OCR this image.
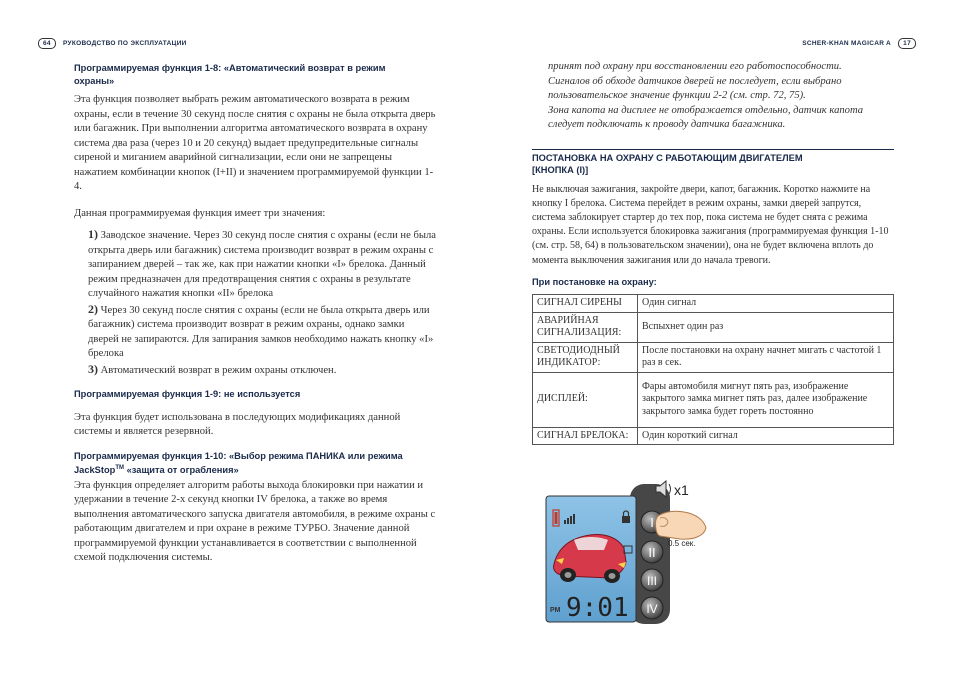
64 РУКОВОДСТВО ПО ЭКСПЛУАТАЦИИ	SCHER-KHAN MAGICAR A 17
Программируемая функция 1-8: «Автоматический возврат в режим охраны»

Эта функция позволяет выбрать режим автоматического возврата в режим охраны, если в течение 30 секунд после снятия с охраны не была открыта дверь или багажник. При выполнении алгоритма автоматического возврата в охрану система два раза (через 10 и 20 секунд) выдает предупредительные сигналы сиреной и миганием аварийной сигнализации, если они не запрещены нажатием комбинации кнопок (I+II) и значением программируемой функции 1-4.

Данная программируемая функция имеет три значения:

1) Заводское значение. Через 30 секунд после снятия с охраны (если не была открыта дверь или багажник) система производит возврат в режим охраны с запиранием дверей – так же, как при нажатии кнопки «I» брелока. Данный режим предназначен для предотвращения снятия с охраны в результате случайного нажатия кнопки «II» брелока

2) Через 30 секунд после снятия с охраны (если не была открыта дверь или багажник) система производит возврат в режим охраны, однако замки дверей не запираются. Для запирания замков необходимо нажать кнопку «I» брелока

3) Автоматический возврат в режим охраны отключен.

Программируемая функция 1-9: не используется

Эта функция будет использована в последующих модификациях данной системы и является резервной.

Программируемая функция 1-10: «Выбор режима ПАНИКА или режима JackStop™ «защита от ограбления»

Эта функция определяет алгоритм работы выхода блокировки при нажатии и удержании в течение 2-х секунд кнопки IV брелока, а также во время выполнения автоматического запуска двигателя автомобиля, в режиме охраны с работающим двигателем и при охране в режиме ТУРБО. Значение данной программируемой функции устанавливается в соответствии с выполненной схемой подключения системы.

принят под охрану при восстановлении его работоспособности. Сигналов об обходе датчиков дверей не последует, если выбрано пользовательское значение функции 2-2 (см. стр. 72, 75).

Зона капота на дисплее не отображается отдельно, датчик капота следует подключать к проводу датчика багажника.

ПОСТАНОВКА НА ОХРАНУ С РАБОТАЮЩИМ ДВИГАТЕЛЕМ
[КНОПКА (I)]

Не выключая зажигания, закройте двери, капот, багажник. Коротко нажмите на кнопку I брелока. Система перейдет в режим охраны, замки дверей запрутся, система заблокирует стартер до тех пор, пока система не будет снята с режима охраны. Если используется блокировка зажигания (программируемая функция 1-10 (см. стр. 58, 64) в пользовательском значении), она не будет включена вплоть до момента выключения зажигания или до начала тревоги.

При постановке на охрану:
СИГНАЛ СИРЕНЫ	Один сигнал
АВАРИЙНАЯ СИГНАЛИЗАЦИЯ:	Вспыхнет один раз
СВЕТОДИОДНЫЙ ИНДИКАТОР:	После постановки на охрану начнет мигать с частотой 1 раз в сек.
ДИСПЛЕЙ:	Фары автомобиля мигнут пять раз, изображение закрытого замка мигнет пять раз, далее изображение закрытого замка будет гореть постоянно
СИГНАЛ БРЕЛОКА:	Один короткий сигнал
PM 9:01
I
II
III
IV
x1
0.5 сек.
